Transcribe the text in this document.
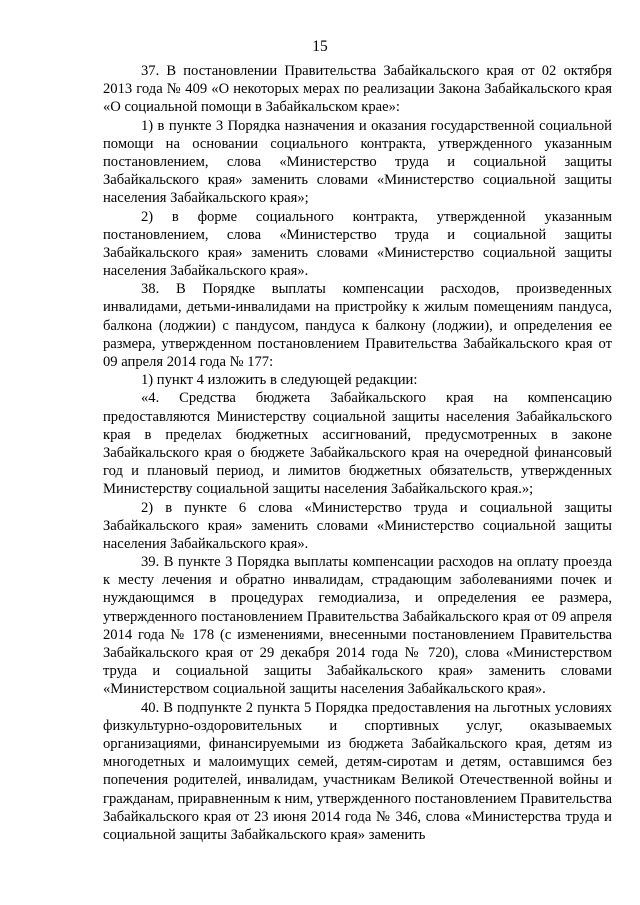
15

37. В постановлении Правительства Забайкальского края от 02 октября 2013 года № 409 «О некоторых мерах по реализации Закона Забайкальского края «О социальной помощи в Забайкальском крае»:

1) в пункте 3 Порядка назначения и оказания государственной социальной помощи на основании социального контракта, утвержденного указанным постановлением, слова «Министерство труда и социальной защиты Забайкальского края» заменить словами «Министерство социальной защиты населения Забайкальского края»;

2) в форме социального контракта, утвержденной указанным постановлением, слова «Министерство труда и социальной защиты Забайкальского края» заменить словами «Министерство социальной защиты населения Забайкальского края».

38. В Порядке выплаты компенсации расходов, произведенных инвалидами, детьми-инвалидами на пристройку к жилым помещениям пандуса, балкона (лоджии) с пандусом, пандуса к балкону (лоджии), и определения ее размера, утвержденном постановлением Правительства Забайкальского края от 09 апреля 2014 года № 177:

1) пункт 4 изложить в следующей редакции:

«4. Средства бюджета Забайкальского края на компенсацию предоставляются Министерству социальной защиты населения Забайкальского края в пределах бюджетных ассигнований, предусмотренных в законе Забайкальского края о бюджете Забайкальского края на очередной финансовый год и плановый период, и лимитов бюджетных обязательств, утвержденных Министерству социальной защиты населения Забайкальского края.»;

2) в пункте 6 слова «Министерство труда и социальной защиты Забайкальского края» заменить словами «Министерство социальной защиты населения Забайкальского края».

39. В пункте 3 Порядка выплаты компенсации расходов на оплату проезда к месту лечения и обратно инвалидам, страдающим заболеваниями почек и нуждающимся в процедурах гемодиализа, и определения ее размера, утвержденного постановлением Правительства Забайкальского края от 09 апреля 2014 года № 178 (с изменениями, внесенными постановлением Правительства Забайкальского края от 29 декабря 2014 года № 720), слова «Министерством труда и социальной защиты Забайкальского края» заменить словами «Министерством социальной защиты населения Забайкальского края».

40. В подпункте 2 пункта 5 Порядка предоставления на льготных условиях физкультурно-оздоровительных и спортивных услуг, оказываемых организациями, финансируемыми из бюджета Забайкальского края, детям из многодетных и малоимущих семей, детям-сиротам и детям, оставшимся без попечения родителей, инвалидам, участникам Великой Отечественной войны и гражданам, приравненным к ним, утвержденного постановлением Правительства Забайкальского края от 23 июня 2014 года № 346, слова «Министерства труда и социальной защиты Забайкальского края» заменить
